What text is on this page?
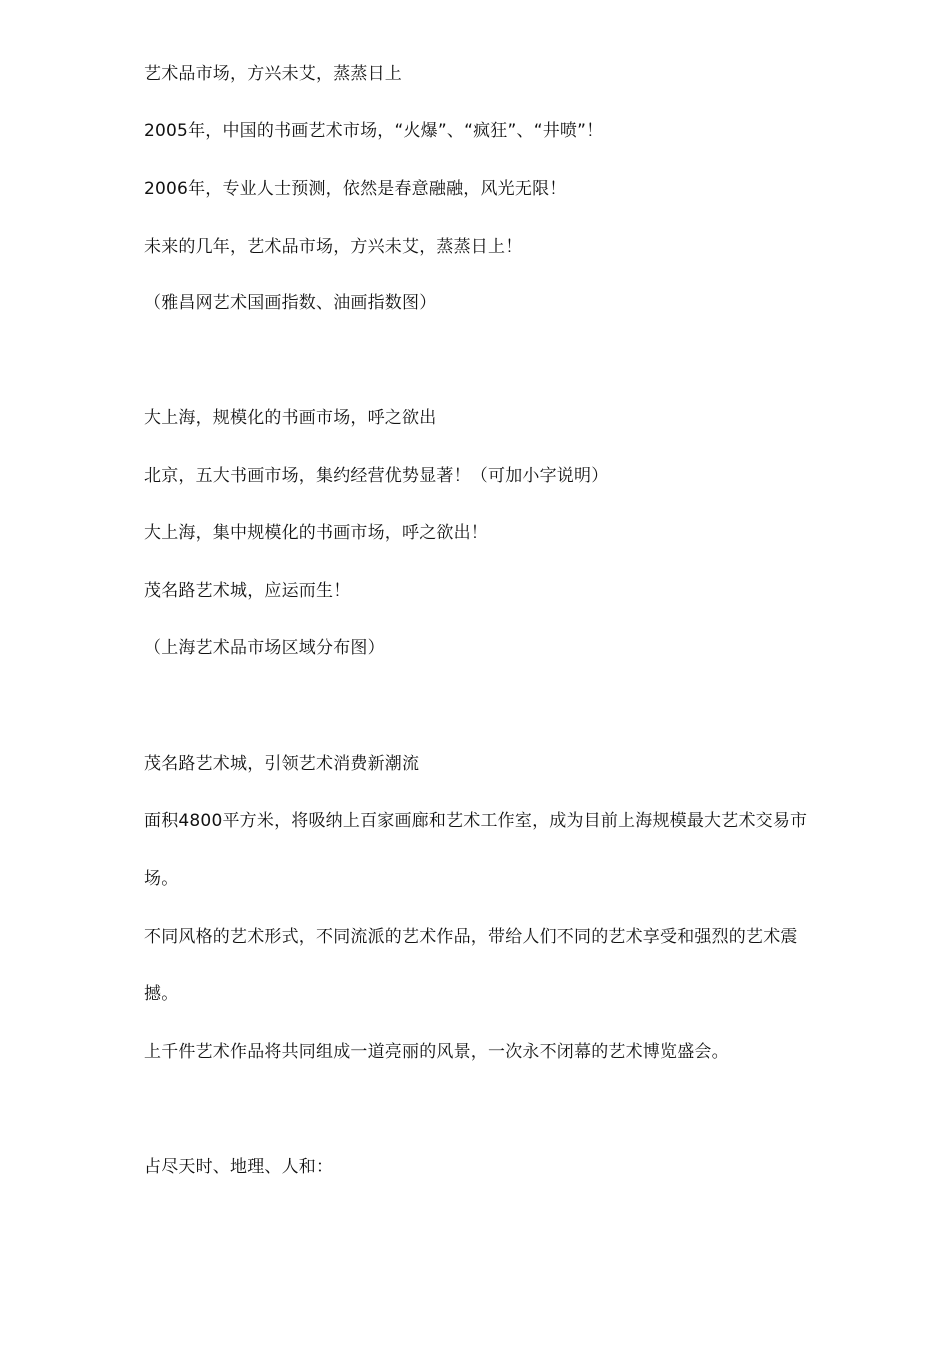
艺术品市场，方兴未艾，蒸蒸日上
2005年，中国的书画艺术市场，“火爆”、“疯狂”、“井喷”！
2006年，专业人士预测，依然是春意融融，风光无限！
未来的几年，艺术品市场，方兴未艾，蒸蒸日上！
（雅昌网艺术国画指数、油画指数图）
大上海，规模化的书画市场，呼之欲出
北京，五大书画市场，集约经营优势显著！（可加小字说明）
大上海，集中规模化的书画市场，呼之欲出！
茂名路艺术城，应运而生！
（上海艺术品市场区域分布图）
茂名路艺术城，引领艺术消费新潮流
面积4800平方米，将吸纳上百家画廊和艺术工作室，成为目前上海规模最大艺术交易市
场。
不同风格的艺术形式，不同流派的艺术作品，带给人们不同的艺术享受和强烈的艺术震
撼。
上千件艺术作品将共同组成一道亮丽的风景，一次永不闭幕的艺术博览盛会。
占尽天时、地理、人和：
